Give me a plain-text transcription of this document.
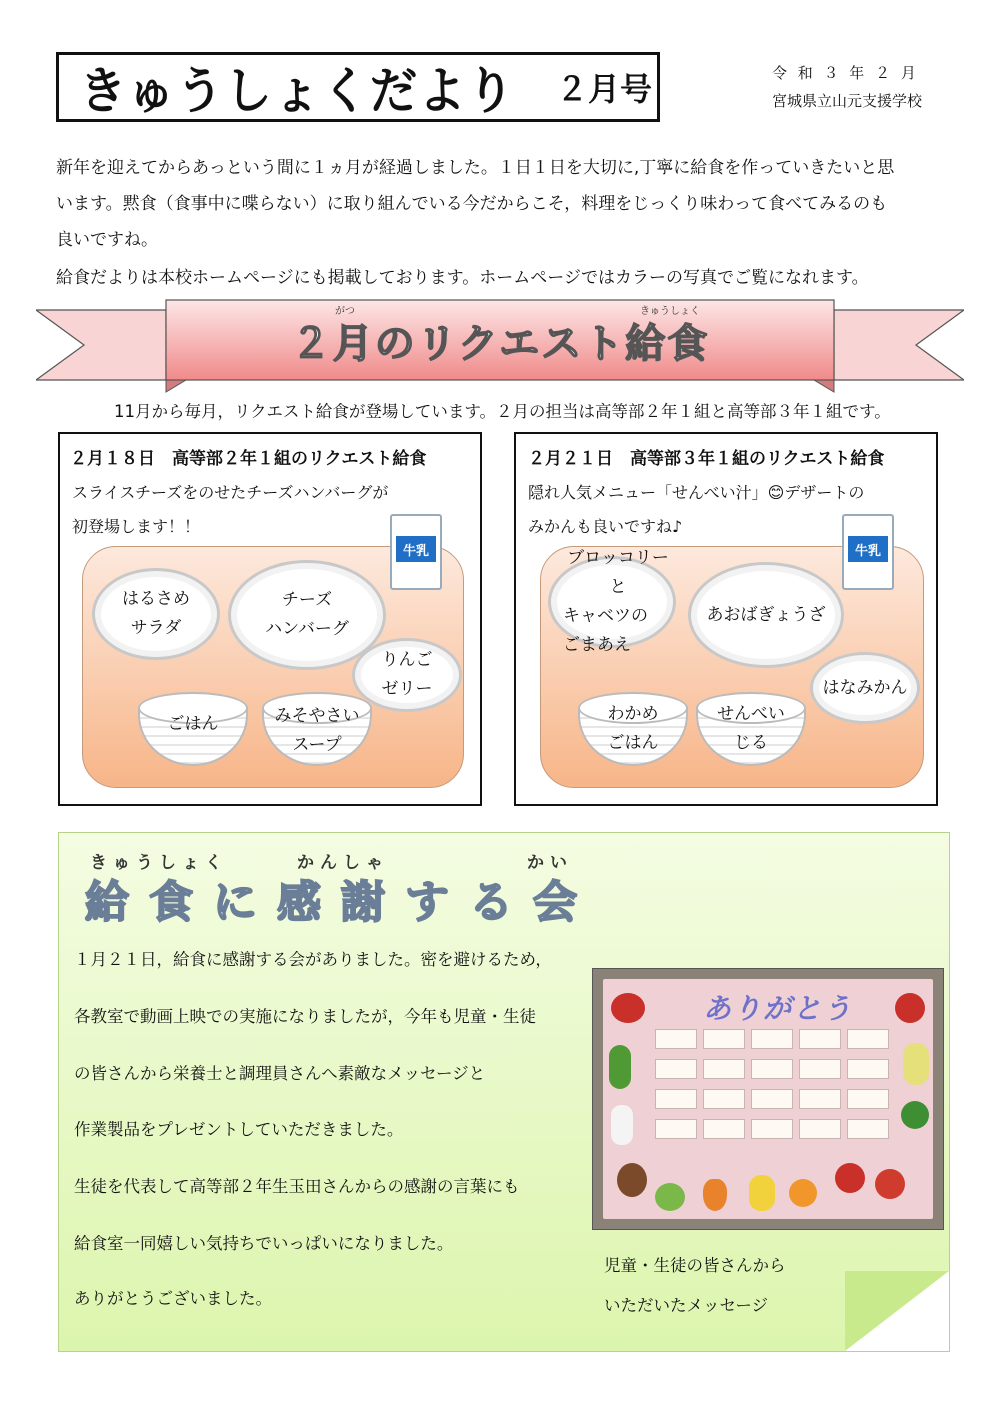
きゅうしょくだより ２月号	令 和 ３ 年 ２ 月
宮城県立山元支援学校
新年を迎えてからあっという間に１ヵ月が経過しました。１日１日を大切に,丁寧に給食を作っていきたいと思
います。黙食（食事中に喋らない）に取り組んでいる今だからこそ，料理をじっくり味わって食べてみるのも
良いですね。
給食だよりは本校ホームページにも掲載しております。ホームページではカラーの写真でご覧になれます。
がつ	きゅうしょく
２月のリクエスト給食
11月から毎月，リクエスト給食が登場しています。２月の担当は高等部２年１組と高等部３年１組です。
２月１８日　高等部２年１組のリクエスト給食
スライスチーズをのせたチーズハンバーグが
初登場します！！
牛乳
はるさめ
サラダ
チーズ
ハンバーグ
りんご
ゼリー
ごはん	みそやさい
スープ
２月２１日　高等部３年１組のリクエスト給食
隠れ人気メニュー「せんべい汁」😊デザートの
みかんも良いですね♪
牛乳
ブロッコリーと
キャベツの
ごまあえ
あおばぎょうざ
はなみかん
わかめ
ごはん
せんべい
じる
きゅうしょく　　　かんしゃ　　　　　　かい
給食に感謝する会
１月２１日，給食に感謝する会がありました。密を避けるため，
各教室で動画上映での実施になりましたが，今年も児童・生徒
の皆さんから栄養士と調理員さんへ素敵なメッセージと
作業製品をプレゼントしていただきました。
生徒を代表して高等部２年生玉田さんからの感謝の言葉にも
給食室一同嬉しい気持ちでいっぱいになりました。
ありがとうございました。
ありがとう
児童・生徒の皆さんから
いただいたメッセージ
